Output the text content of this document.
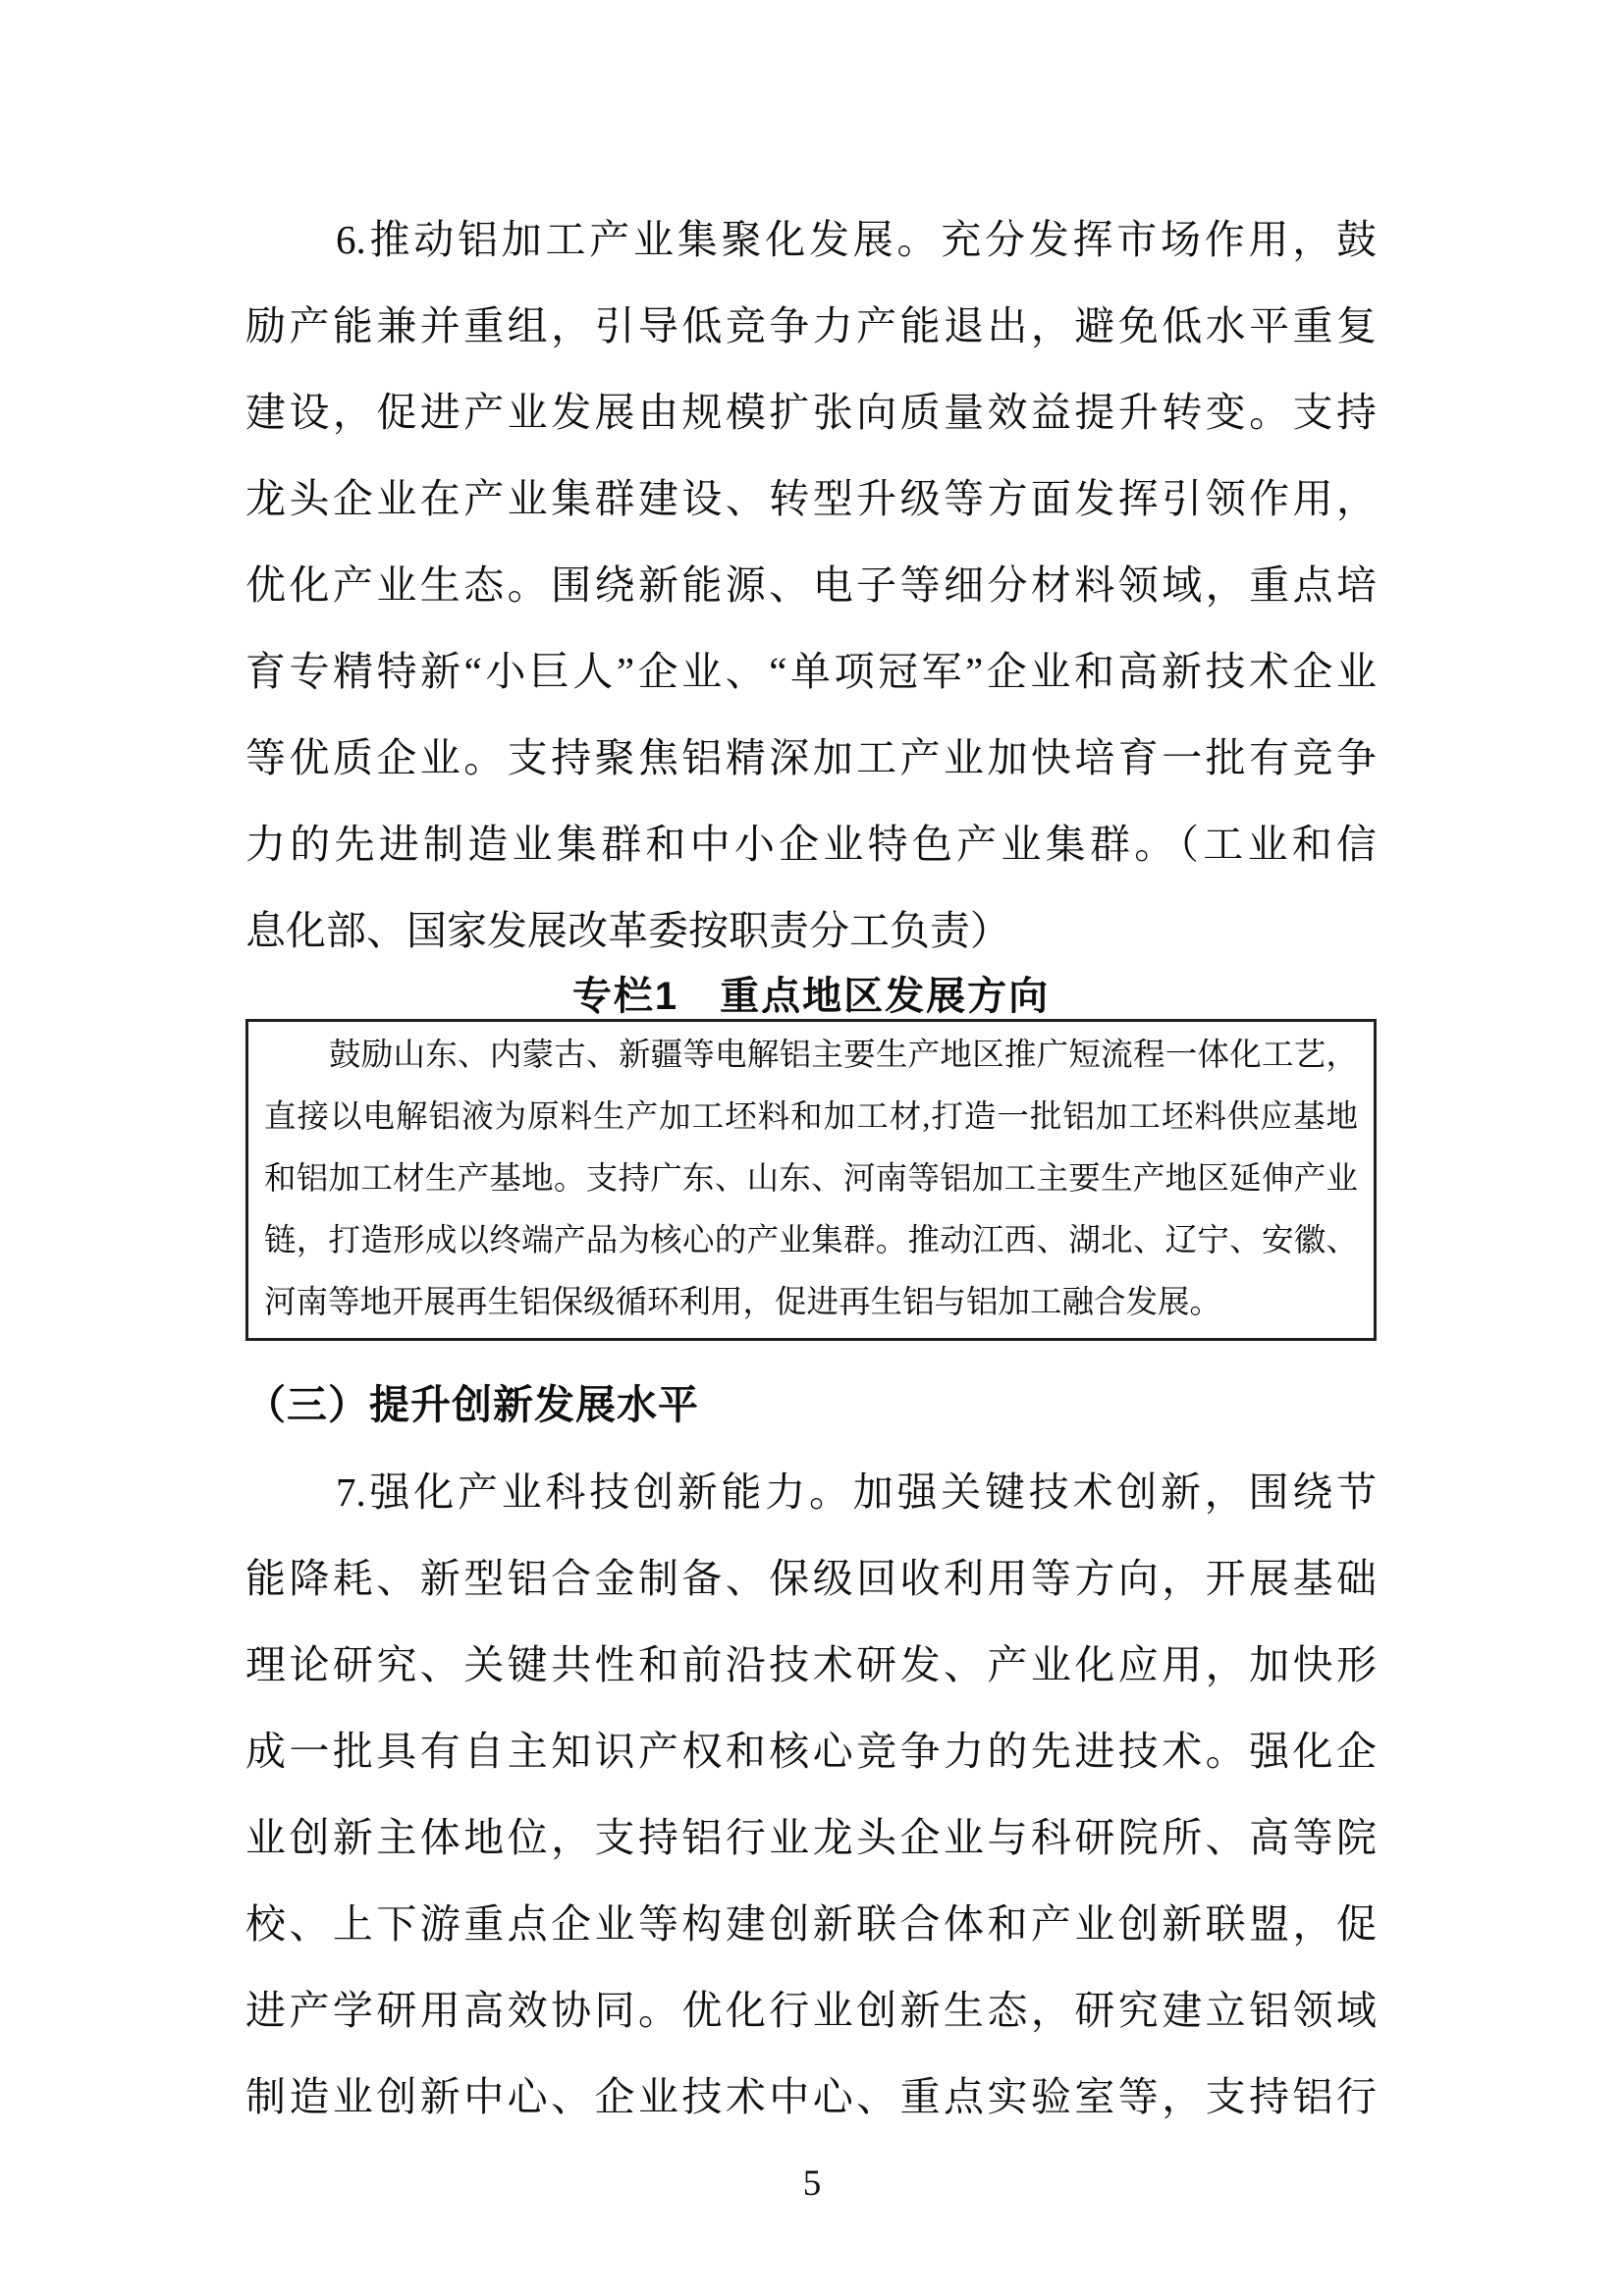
6.推动铝加工产业集聚化发展。充分发挥市场作用，鼓
励产能兼并重组，引导低竞争力产能退出，避免低水平重复
建设，促进产业发展由规模扩张向质量效益提升转变。支持
龙头企业在产业集群建设、转型升级等方面发挥引领作用，
优化产业生态。围绕新能源、电子等细分材料领域，重点培
育专精特新“小巨人”企业、“单项冠军”企业和高新技术企业
等优质企业。支持聚焦铝精深加工产业加快培育一批有竞争
力的先进制造业集群和中小企业特色产业集群。（工业和信
息化部、国家发展改革委按职责分工负责）
专栏1　重点地区发展方向
鼓励山东、内蒙古、新疆等电解铝主要生产地区推广短流程一体化工艺，
直接以电解铝液为原料生产加工坯料和加工材,打造一批铝加工坯料供应基地
和铝加工材生产基地。支持广东、山东、河南等铝加工主要生产地区延伸产业
链，打造形成以终端产品为核心的产业集群。推动江西、湖北、辽宁、安徽、
河南等地开展再生铝保级循环利用，促进再生铝与铝加工融合发展。
（三）提升创新发展水平
7.强化产业科技创新能力。加强关键技术创新，围绕节
能降耗、新型铝合金制备、保级回收利用等方向，开展基础
理论研究、关键共性和前沿技术研发、产业化应用，加快形
成一批具有自主知识产权和核心竞争力的先进技术。强化企
业创新主体地位，支持铝行业龙头企业与科研院所、高等院
校、上下游重点企业等构建创新联合体和产业创新联盟，促
进产学研用高效协同。优化行业创新生态，研究建立铝领域
制造业创新中心、企业技术中心、重点实验室等，支持铝行
5
